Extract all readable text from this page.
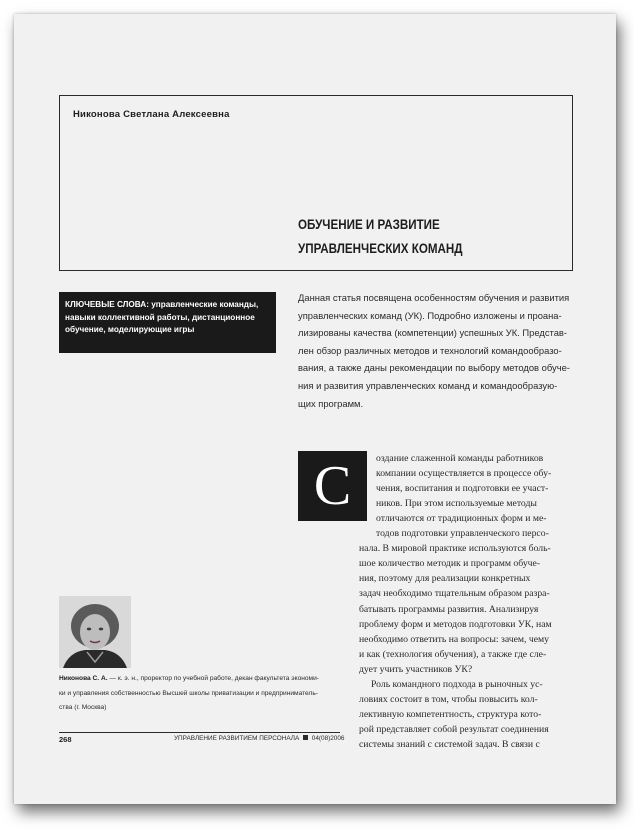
Никонова Светлана Алексеевна
ОБУЧЕНИЕ И РАЗВИТИЕ
УПРАВЛЕНЧЕСКИХ КОМАНД
КЛЮЧЕВЫЕ СЛОВА: управленческие команды,
навыки коллективной работы, дистанционное
обучение, моделирующие игры
Данная статья посвящена особенностям обучения и развития
управленческих команд (УК). Подробно изложены и проана-
лизированы качества (компетенции) успешных УК. Представ-
лен обзор различных методов и технологий командообразо-
вания, а также даны рекомендации по выбору методов обуче-
ния и развития управленческих команд и командообразую-
щих программ.
С	оздание слаженной команды работников
компании осуществляется в процессе обу-
чения, воспитания и подготовки ее участ-
ников. При этом используемые методы
отличаются от традиционных форм и ме-
тодов подготовки управленческого персо-
нала. В мировой практике используются боль-
шое количество методик и программ обуче-
ния, поэтому для реализации конкретных
задач необходимо тщательным образом разра-
батывать программы развития. Анализируя
проблему форм и методов подготовки УК, нам
необходимо ответить на вопросы: зачем, чему
и как (технология обучения), а также где сле-
дует учить участников УК?
Роль командного подхода в рыночных ус-
ловиях состоит в том, чтобы повысить кол-
лективную компетентность, структура кото-
рой представляет собой результат соединения
системы знаний с системой задач. В связи с
Никонова С. А. — к. э. н., проректор по учебной работе, декан факультета экономи-
ки и управления собственностью Высшей школы приватизации и предприниматель-
ства (г. Москва)
268	УПРАВЛЕНИЕ РАЗВИТИЕМ ПЕРСОНАЛА 04(08)2006
